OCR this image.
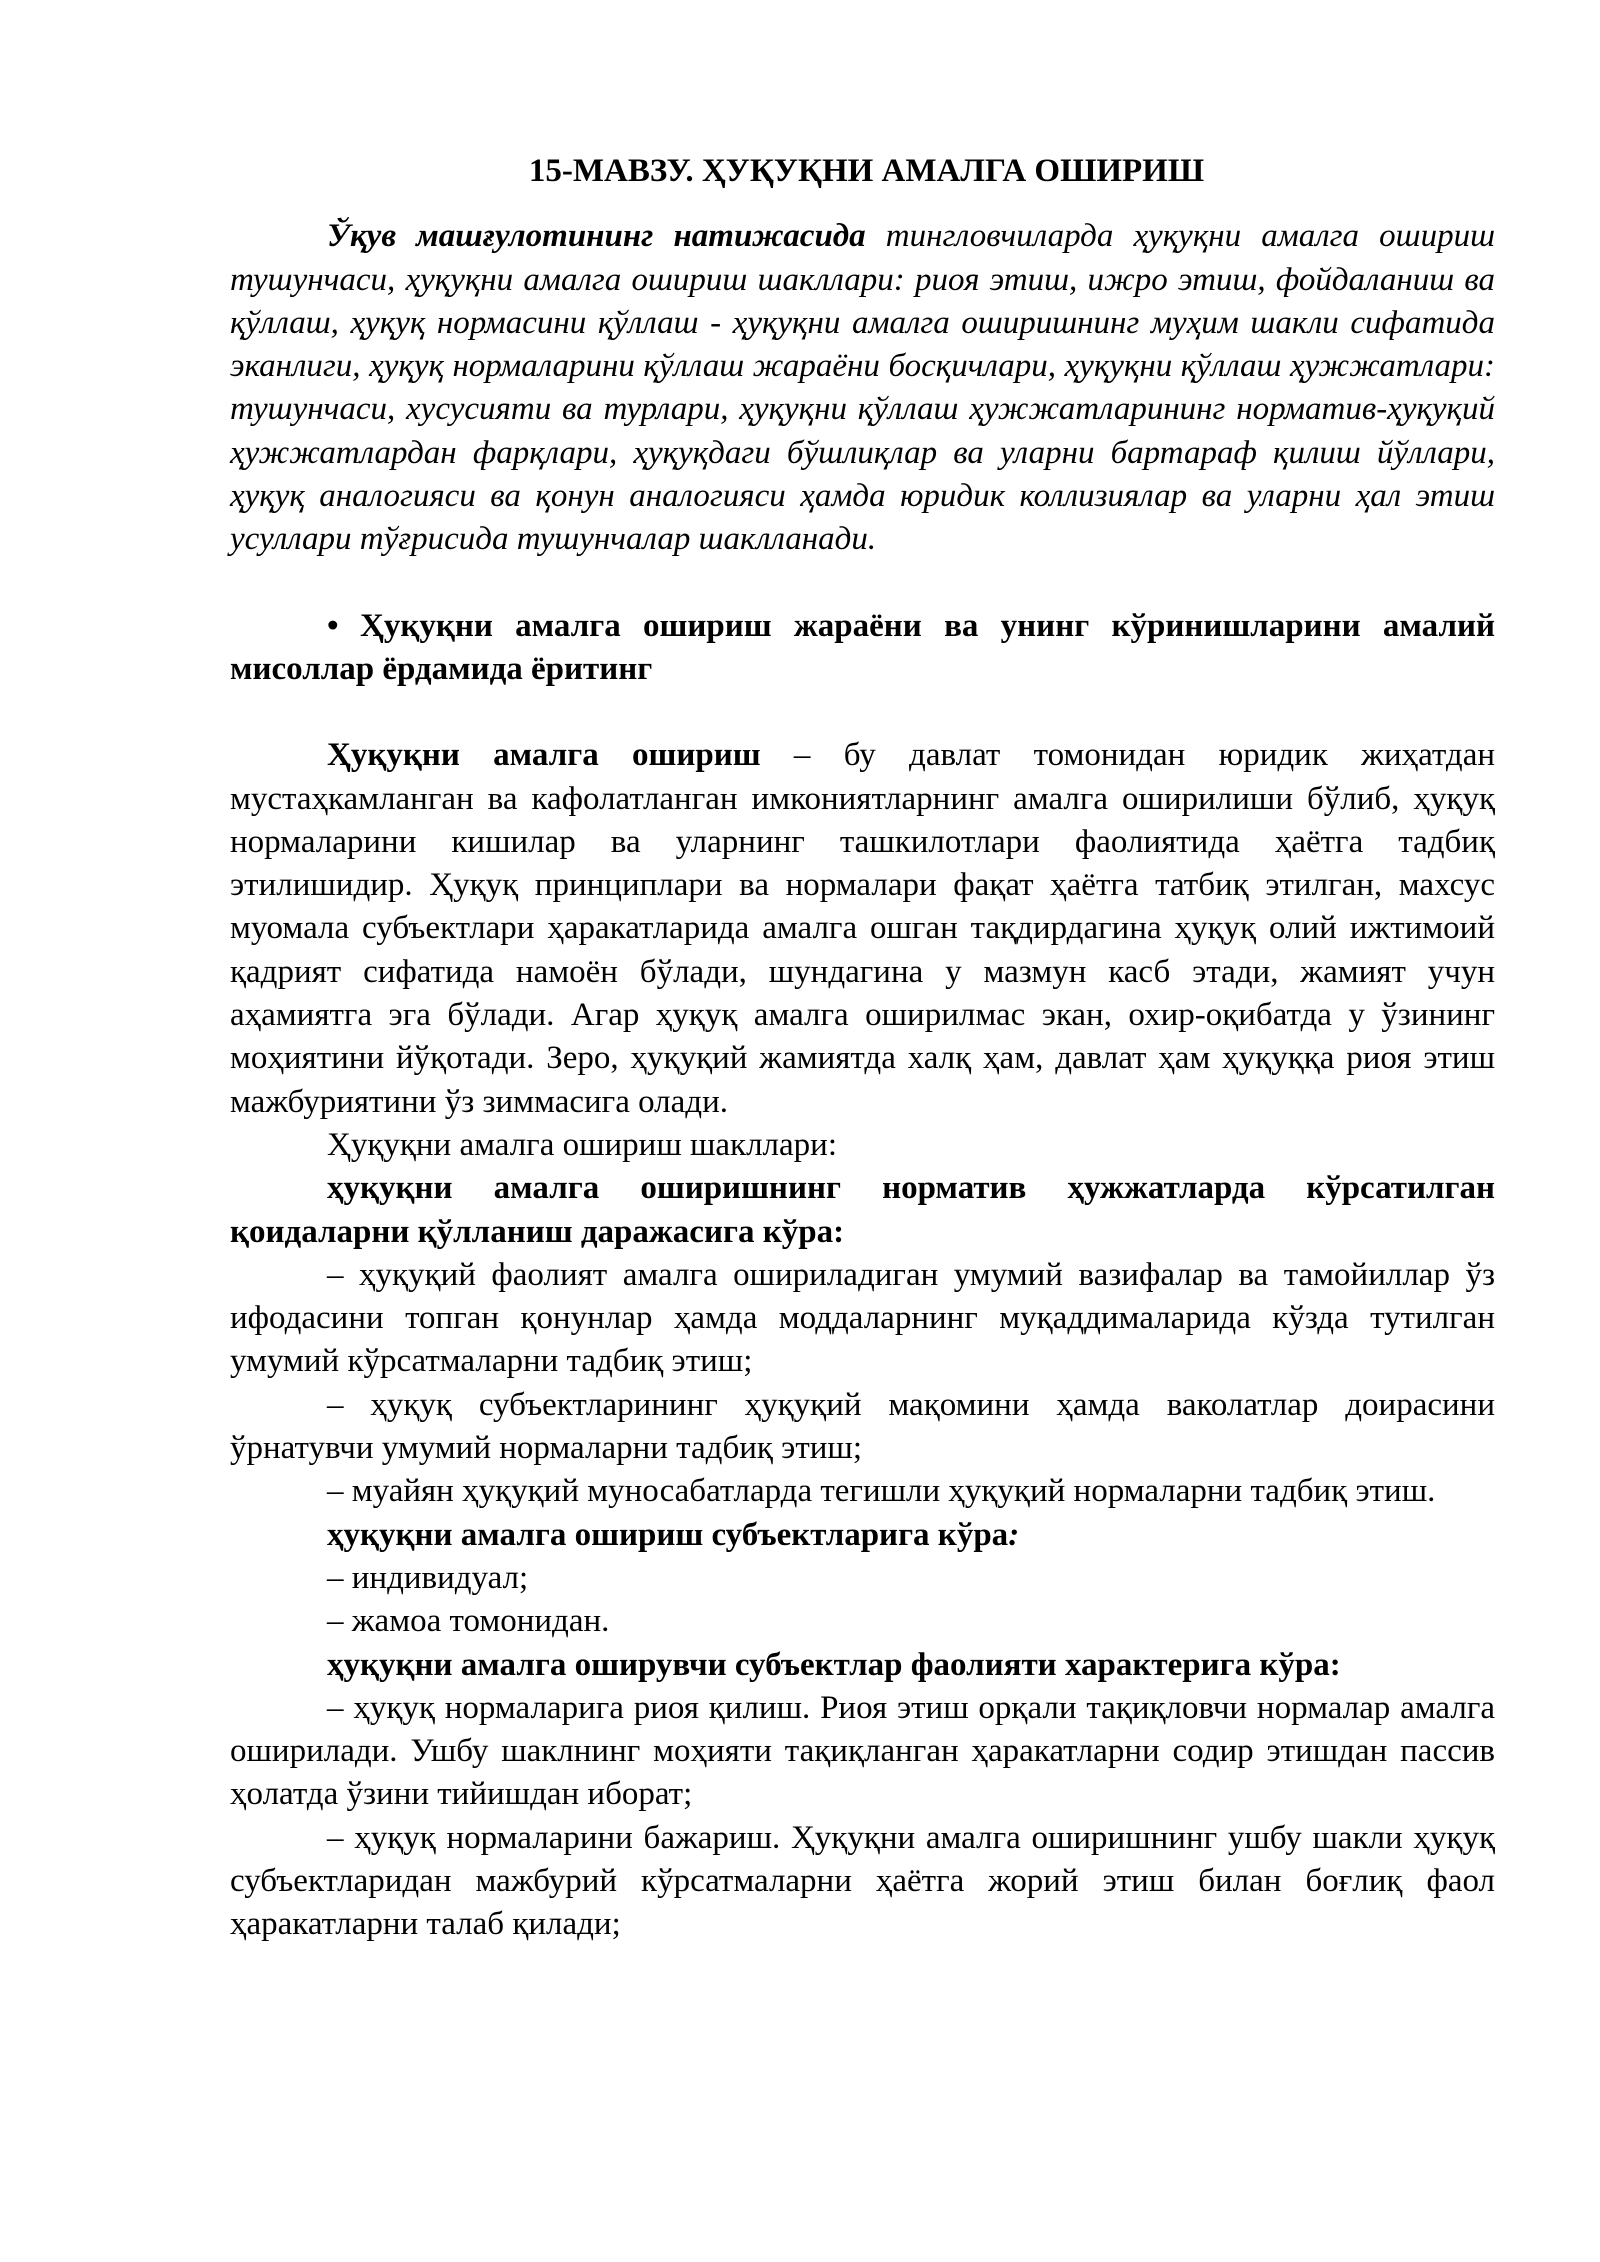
15-МАВЗУ. ҲУҚУҚНИ АМАЛГА ОШИРИШ

Ўқув машғулотининг натижасида тингловчиларда ҳуқуқни амалга ошириш тушунчаси, ҳуқуқни амалга ошириш шакллари: риоя этиш, ижро этиш, фойдаланиш ва қўллаш, ҳуқуқ нормасини қўллаш - ҳуқуқни амалга оширишнинг муҳим шакли сифатида эканлиги, ҳуқуқ нормаларини қўллаш жараёни босқичлари, ҳуқуқни қўллаш ҳужжатлари: тушунчаси, хусусияти ва турлари, ҳуқуқни қўллаш ҳужжатларининг норматив-ҳуқуқий ҳужжатлардан фарқлари, ҳуқуқдаги бўшлиқлар ва уларни бартараф қилиш йўллари, ҳуқуқ аналогияси ва қонун аналогияси ҳамда юридик коллизиялар ва уларни ҳал этиш усуллари тўғрисида тушунчалар шаклланади.

• Ҳуқуқни амалга ошириш жараёни ва унинг кўринишларини амалий мисоллар ёрдамида ёритинг

Ҳуқуқни амалга ошириш – бу давлат томонидан юридик жиҳатдан мустаҳкамланган ва кафолатланган имкониятларнинг амалга оширилиши бўлиб, ҳуқуқ нормаларини кишилар ва уларнинг ташкилотлари фаолиятида ҳаётга тадбиқ этилишидир. Ҳуқуқ принциплари ва нормалари фақат ҳаётга татбиқ этилган, махсус муомала субъектлари ҳаракатларида амалга ошган тақдирдагина ҳуқуқ олий ижтимоий қадрият сифатида намоён бўлади, шундагина у мазмун касб этади, жамият учун аҳамиятга эга бўлади. Агар ҳуқуқ амалга оширилмас экан, охир-оқибатда у ўзининг моҳиятини йўқотади. Зеро, ҳуқуқий жамиятда халқ ҳам, давлат ҳам ҳуқуққа риоя этиш мажбуриятини ўз зиммасига олади.

Ҳуқуқни амалга ошириш шакллари:

ҳуқуқни амалга оширишнинг норматив ҳужжатларда кўрсатилган қоидаларни қўлланиш даражасига кўра:

– ҳуқуқий фаолият амалга ошириладиган умумий вазифалар ва тамойиллар ўз ифодасини топган қонунлар ҳамда моддаларнинг муқаддималарида кўзда тутилган умумий кўрсатмаларни тадбиқ этиш;

– ҳуқуқ субъектларининг ҳуқуқий мақомини ҳамда ваколатлар доирасини ўрнатувчи умумий нормаларни тадбиқ этиш;

– муайян ҳуқуқий муносабатларда тегишли ҳуқуқий нормаларни тадбиқ этиш.

ҳуқуқни амалга ошириш субъектларига кўра:

– индивидуал;

– жамоа томонидан.

ҳуқуқни амалга оширувчи субъектлар фаолияти характерига кўра:

– ҳуқуқ нормаларига риоя қилиш. Риоя этиш орқали тақиқловчи нормалар амалга оширилади. Ушбу шаклнинг моҳияти тақиқланган ҳаракатларни содир этишдан пассив ҳолатда ўзини тийишдан иборат;

– ҳуқуқ нормаларини бажариш. Ҳуқуқни амалга оширишнинг ушбу шакли ҳуқуқ субъектларидан мажбурий кўрсатмаларни ҳаётга жорий этиш билан боғлиқ фаол ҳаракатларни талаб қилади;
